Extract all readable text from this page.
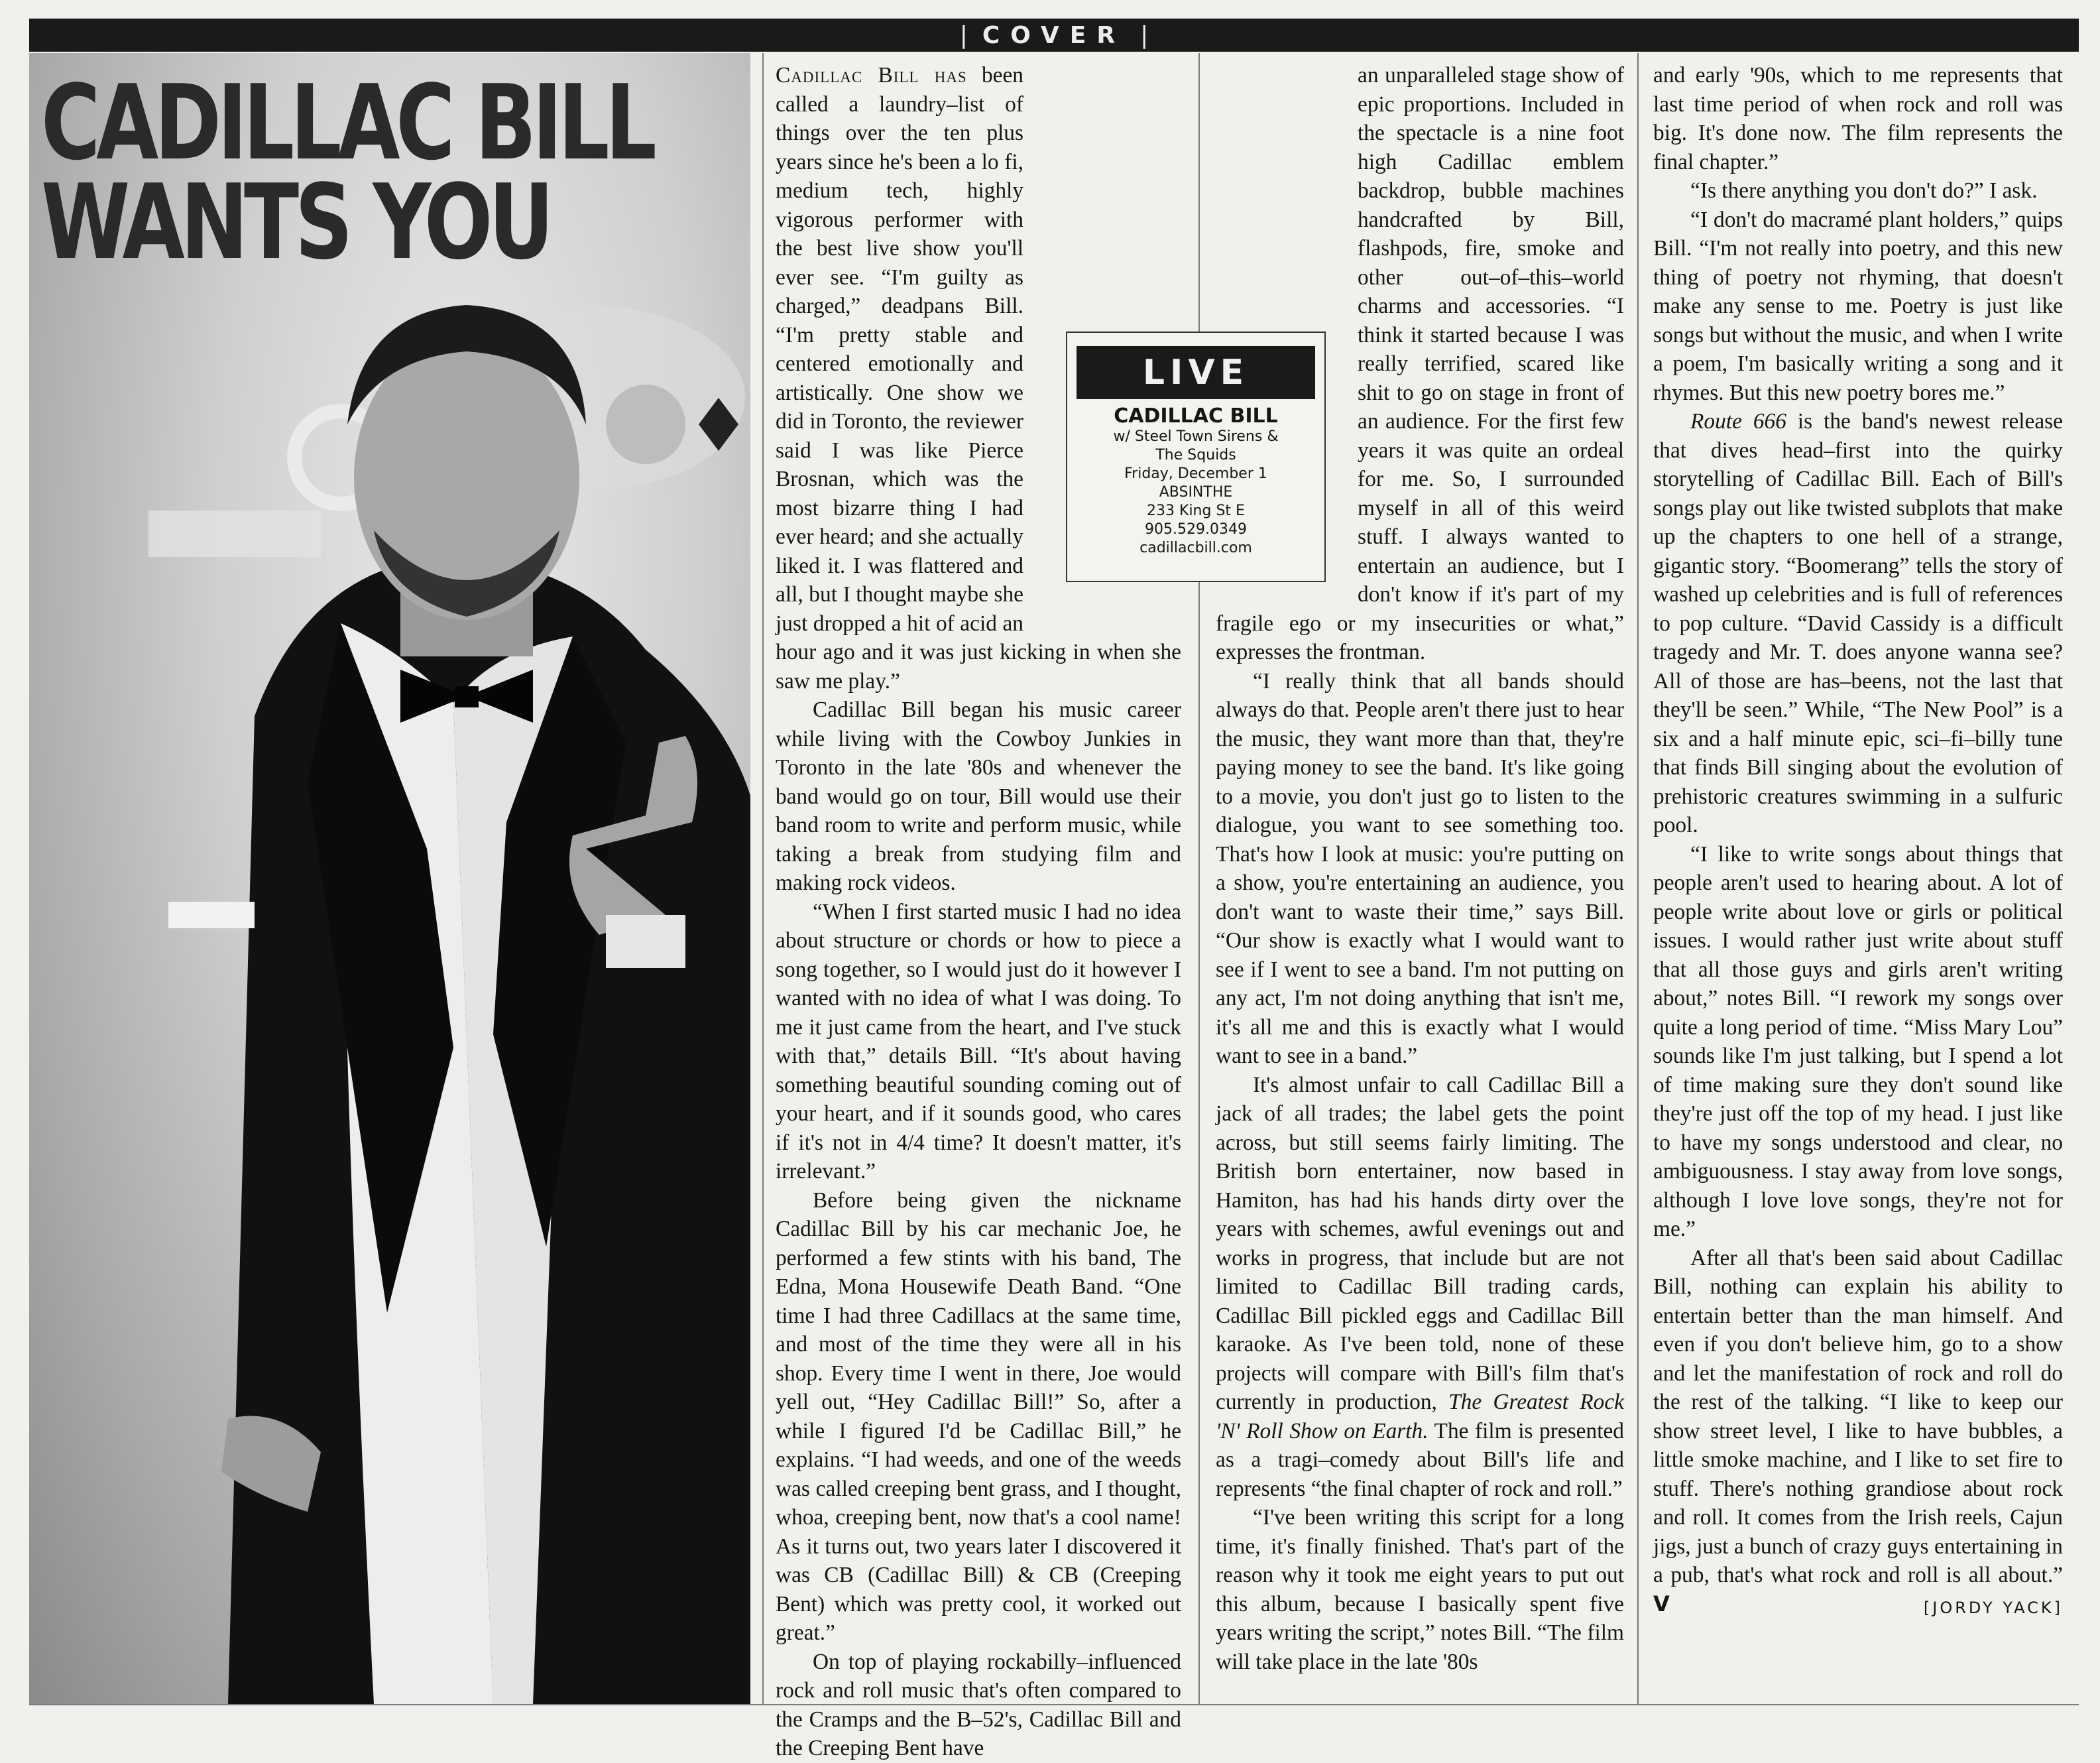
| COVER |
CADILLAC BILL
WANTS YOU

Cadillac Bill has been called a laundry–list of things over the ten plus years since he's been a lo fi, medium tech, highly vigorous performer with the best live show you'll ever see. “I'm guilty as charged,” deadpans Bill. “I'm pretty stable and centered emotionally and artistically. One show we did in Toronto, the reviewer said I was like Pierce Brosnan, which was the most bizarre thing I had ever heard; and she actually liked it. I was flattered and all, but I thought maybe she just dropped a hit of acid an hour ago and it was just kicking in when she saw me play.”

Cadillac Bill began his music career while living with the Cowboy Junkies in Toronto in the late '80s and whenever the band would go on tour, Bill would use their band room to write and perform music, while taking a break from studying film and making rock videos.

“When I first started music I had no idea about structure or chords or how to piece a song together, so I would just do it however I wanted with no idea of what I was doing. To me it just came from the heart, and I've stuck with that,” details Bill. “It's about having something beautiful sounding coming out of your heart, and if it sounds good, who cares if it's not in 4/4 time? It doesn't matter, it's irrelevant.”

Before being given the nickname Cadillac Bill by his car mechanic Joe, he performed a few stints with his band, The Edna, Mona Housewife Death Band. “One time I had three Cadillacs at the same time, and most of the time they were all in his shop. Every time I went in there, Joe would yell out, “Hey Cadillac Bill!” So, after a while I figured I'd be Cadillac Bill,” he explains. “I had weeds, and one of the weeds was called creeping bent grass, and I thought, whoa, creeping bent, now that's a cool name! As it turns out, two years later I discovered it was CB (Cadillac Bill) & CB (Creeping Bent) which was pretty cool, it worked out great.”

On top of playing rockabilly–influenced rock and roll music that's often compared to the Cramps and the B–52's, Cadillac Bill and the Creeping Bent have

an unparalleled stage show of epic proportions. Included in the spectacle is a nine foot high Cadillac emblem backdrop, bubble machines handcrafted by Bill, flashpods, fire, smoke and other out–of–this–world charms and accessories. “I think it started because I was really terrified, scared like shit to go on stage in front of an audience. For the first few years it was quite an ordeal for me. So, I surrounded myself in all of this weird stuff. I always wanted to entertain an audience, but I don't know if it's part of my fragile ego or my insecurities or what,” expresses the frontman.

“I really think that all bands should always do that. People aren't there just to hear the music, they want more than that, they're paying money to see the band. It's like going to a movie, you don't just go to listen to the dialogue, you want to see something too. That's how I look at music: you're putting on a show, you're entertaining an audience, you don't want to waste their time,” says Bill. “Our show is exactly what I would want to see if I went to see a band. I'm not putting on any act, I'm not doing anything that isn't me, it's all me and this is exactly what I would want to see in a band.”

It's almost unfair to call Cadillac Bill a jack of all trades; the label gets the point across, but still seems fairly limiting. The British born entertainer, now based in Hamiton, has had his hands dirty over the years with schemes, awful evenings out and works in progress, that include but are not limited to Cadillac Bill trading cards, Cadillac Bill pickled eggs and Cadillac Bill karaoke. As I've been told, none of these projects will compare with Bill's film that's currently in production, The Greatest Rock 'N' Roll Show on Earth. The film is presented as a tragi–comedy about Bill's life and represents “the final chapter of rock and roll.”

“I've been writing this script for a long time, it's finally finished. That's part of the reason why it took me eight years to put out this album, because I basically spent five years writing the script,” notes Bill. “The film will take place in the late '80s

and early '90s, which to me represents that last time period of when rock and roll was big. It's done now. The film represents the final chapter.”

“Is there anything you don't do?” I ask.

“I don't do macramé plant holders,” quips Bill. “I'm not really into poetry, and this new thing of poetry not rhyming, that doesn't make any sense to me. Poetry is just like songs but without the music, and when I write a poem, I'm basically writing a song and it rhymes. But this new poetry bores me.”

Route 666 is the band's newest release that dives head–first into the quirky storytelling of Cadillac Bill. Each of Bill's songs play out like twisted subplots that make up the chapters to one hell of a strange, gigantic story. “Boomerang” tells the story of washed up celebrities and is full of references to pop culture. “David Cassidy is a difficult tragedy and Mr. T. does anyone wanna see? All of those are has–beens, not the last that they'll be seen.” While, “The New Pool” is a six and a half minute epic, sci–fi–billy tune that finds Bill singing about the evolution of prehistoric creatures swimming in a sulfuric pool.

“I like to write songs about things that people aren't used to hearing about. A lot of people write about love or girls or political issues. I would rather just write about stuff that all those guys and girls aren't writing about,” notes Bill. “I rework my songs over quite a long period of time. “Miss Mary Lou” sounds like I'm just talking, but I spend a lot of time making sure they don't sound like they're just off the top of my head. I just like to have my songs understood and clear, no ambiguousness. I stay away from love songs, although I love love songs, they're not for me.”

After all that's been said about Cadillac Bill, nothing can explain his ability to entertain better than the man himself. And even if you don't believe him, go to a show and let the manifestation of rock and roll do the rest of the talking. “I like to keep our show street level, I like to have bubbles, a little smoke machine, and I like to set fire to stuff. There's nothing grandiose about rock and roll. It comes from the Irish reels, Cajun jigs, just a bunch of crazy guys entertaining in a pub, that's what rock and roll is all about.” V	[JORDY YACK]

LIVE
CADILLAC BILL
w/ Steel Town Sirens &
The Squids
Friday, December 1
ABSINTHE
233 King St E
905.529.0349
cadillacbill.com
